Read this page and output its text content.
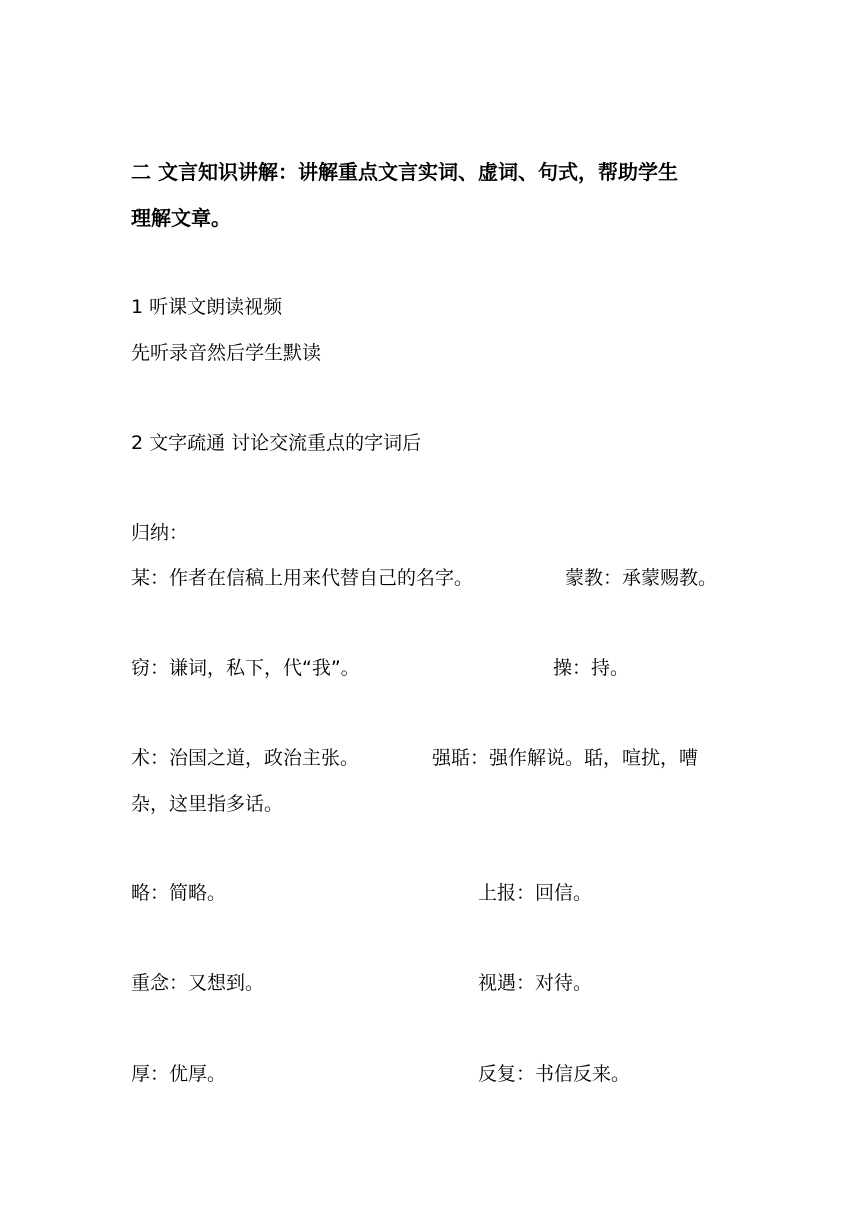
二 文言知识讲解：讲解重点文言实词、虚词、句式，帮助学生
理解文章。
1 听课文朗读视频
先听录音然后学生默读
2 文字疏通 讨论交流重点的字词后
归纳：
某：作者在信稿上用来代替自己的名字。	蒙教：承蒙赐教。
窃：谦词，私下，代“我”。	操：持。
术：治国之道，政治主张。	强聒：强作解说。聒，喧扰，嘈
杂，这里指多话。
略：简略。	上报：回信。
重念：又想到。	视遇：对待。
厚：优厚。	反复：书信反来。
